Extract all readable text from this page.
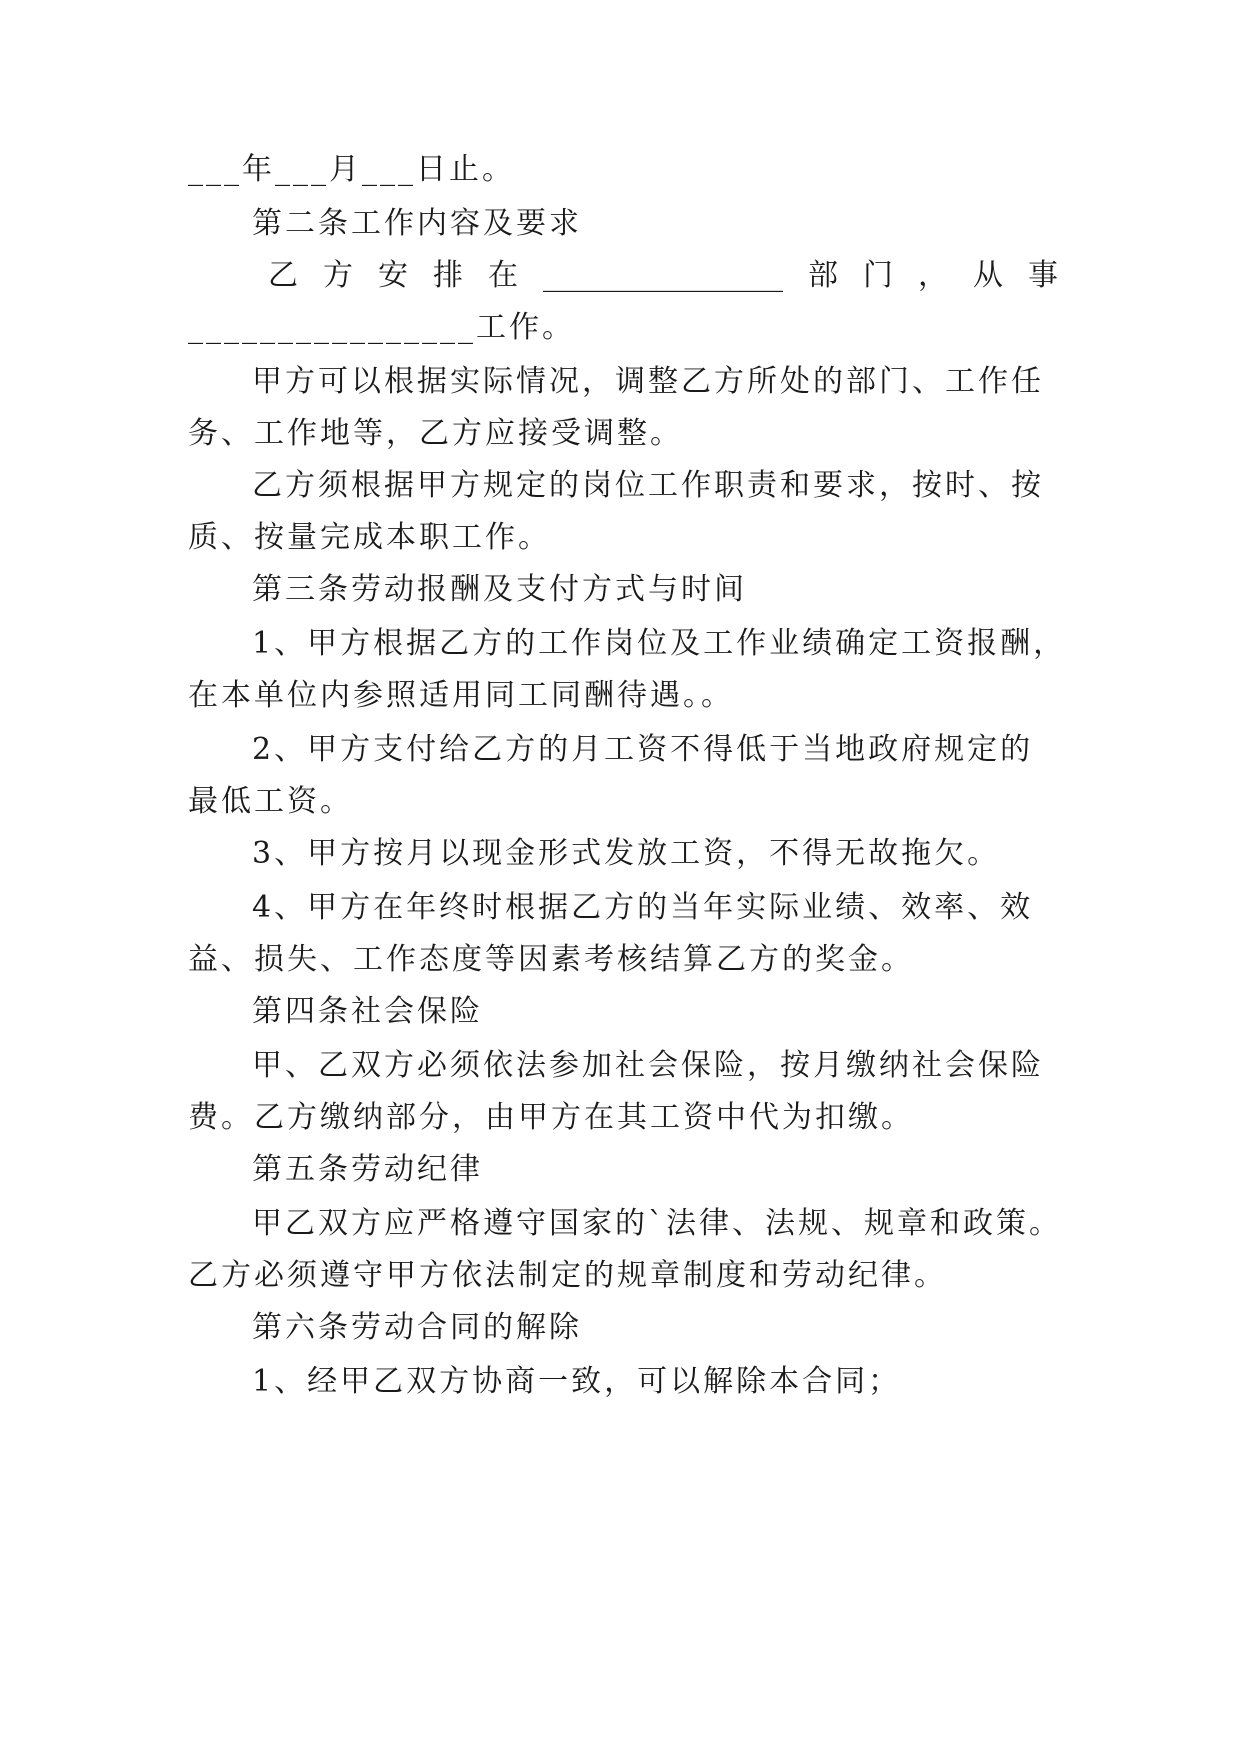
___年___月___日止。
第二条工作内容及要求
乙 方 安 排 在 ________________ 部 门 ， 从 事
________________工作。
甲方可以根据实际情况，调整乙方所处的部门、工作任
务、工作地等，乙方应接受调整。
乙方须根据甲方规定的岗位工作职责和要求，按时、按
质、按量完成本职工作。
第三条劳动报酬及支付方式与时间
1、甲方根据乙方的工作岗位及工作业绩确定工资报酬，
在本单位内参照适用同工同酬待遇。。
2、甲方支付给乙方的月工资不得低于当地政府规定的
最低工资。
3、甲方按月以现金形式发放工资，不得无故拖欠。
4、甲方在年终时根据乙方的当年实际业绩、效率、效
益、损失、工作态度等因素考核结算乙方的奖金。
第四条社会保险
甲、乙双方必须依法参加社会保险，按月缴纳社会保险
费。乙方缴纳部分，由甲方在其工资中代为扣缴。
第五条劳动纪律
甲乙双方应严格遵守国家的`法律、法规、规章和政策。
乙方必须遵守甲方依法制定的规章制度和劳动纪律。
第六条劳动合同的解除
1、经甲乙双方协商一致，可以解除本合同；
